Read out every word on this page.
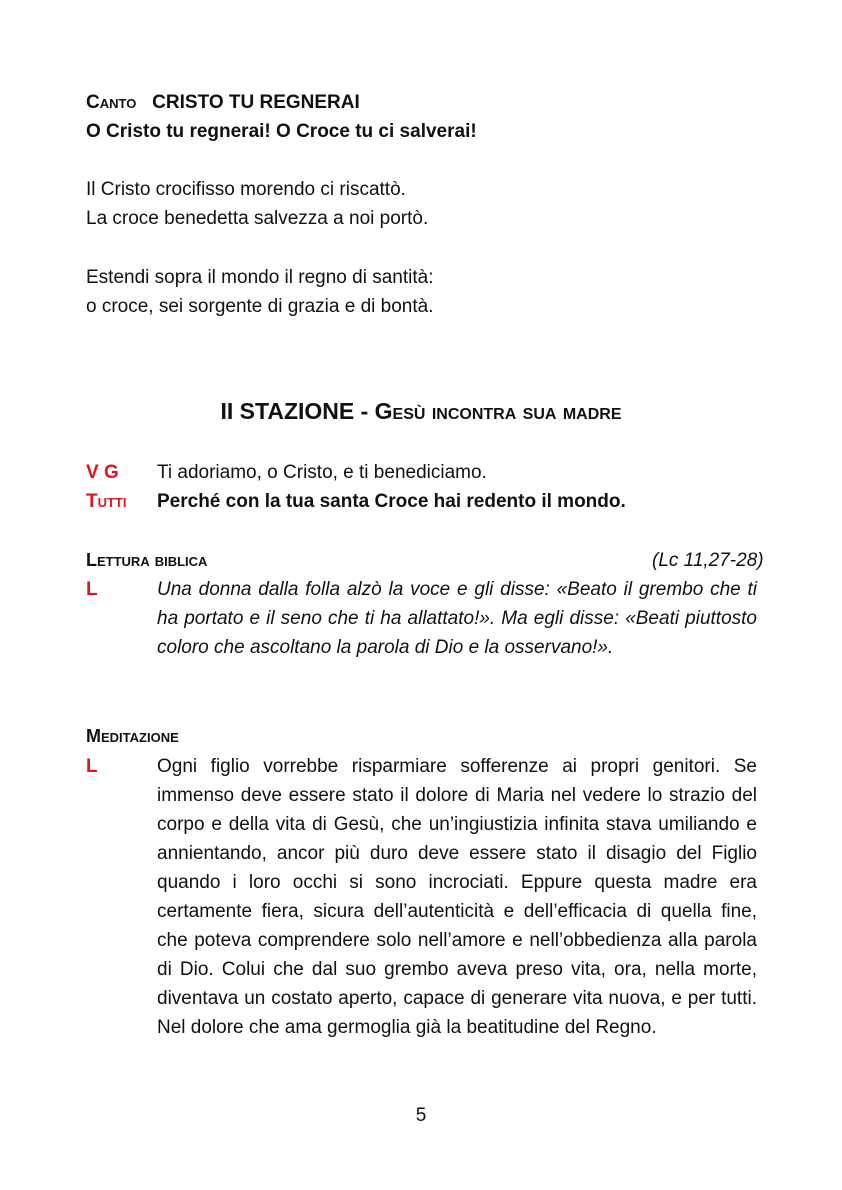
Canto CRISTO TU REGNERAI
O Cristo tu regnerai! O Croce tu ci salverai!
Il Cristo crocifisso morendo ci riscattò.
La croce benedetta salvezza a noi portò.
Estendi sopra il mondo il regno di santità:
o croce, sei sorgente di grazia e di bontà.
II STAZIONE - Gesù incontra sua madre
V G	Ti adoriamo, o Cristo, e ti benediciamo.
Tutti	Perché con la tua santa Croce hai redento il mondo.
Lettura biblica	(Lc 11,27-28)
L	Una donna dalla folla alzò la voce e gli disse: «Beato il grembo che ti ha portato e il seno che ti ha allattato!». Ma egli disse: «Beati piuttosto coloro che ascoltano la parola di Dio e la osservano!».
Meditazione
L	Ogni figlio vorrebbe risparmiare sofferenze ai propri genitori. Se immenso deve essere stato il dolore di Maria nel vedere lo strazio del corpo e della vita di Gesù, che un’ingiustizia infinita stava umiliando e annientando, ancor più duro deve essere stato il disagio del Figlio quando i loro occhi si sono incrociati. Eppure questa madre era certamente fiera, sicura dell’autenticità e dell’efficacia di quella fine, che poteva comprendere solo nell’amore e nell’obbedienza alla parola di Dio. Colui che dal suo grembo aveva preso vita, ora, nella morte, diventava un costato aperto, capace di generare vita nuova, e per tutti. Nel dolore che ama germoglia già la beatitudine del Regno.
5
